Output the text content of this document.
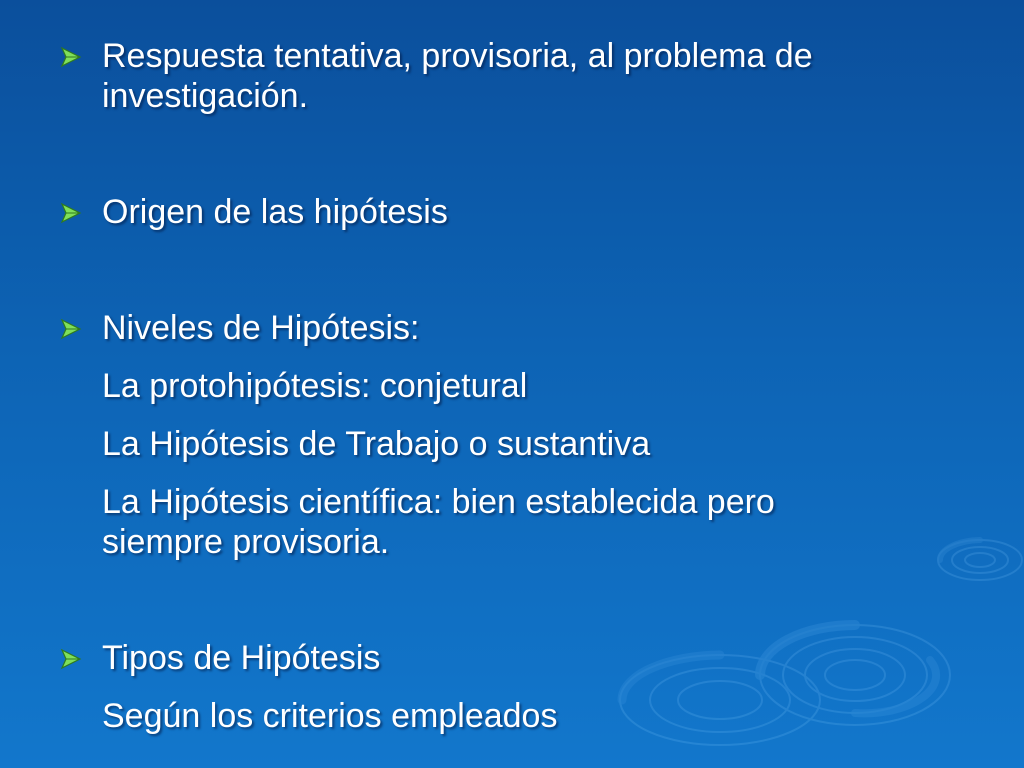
Respuesta tentativa, provisoria, al problema de
investigación.
Origen de las hipótesis
Niveles de Hipótesis:
La protohipótesis: conjetural
La Hipótesis de Trabajo o sustantiva
La Hipótesis científica: bien establecida pero
siempre provisoria.
Tipos de Hipótesis
Según los criterios empleados
